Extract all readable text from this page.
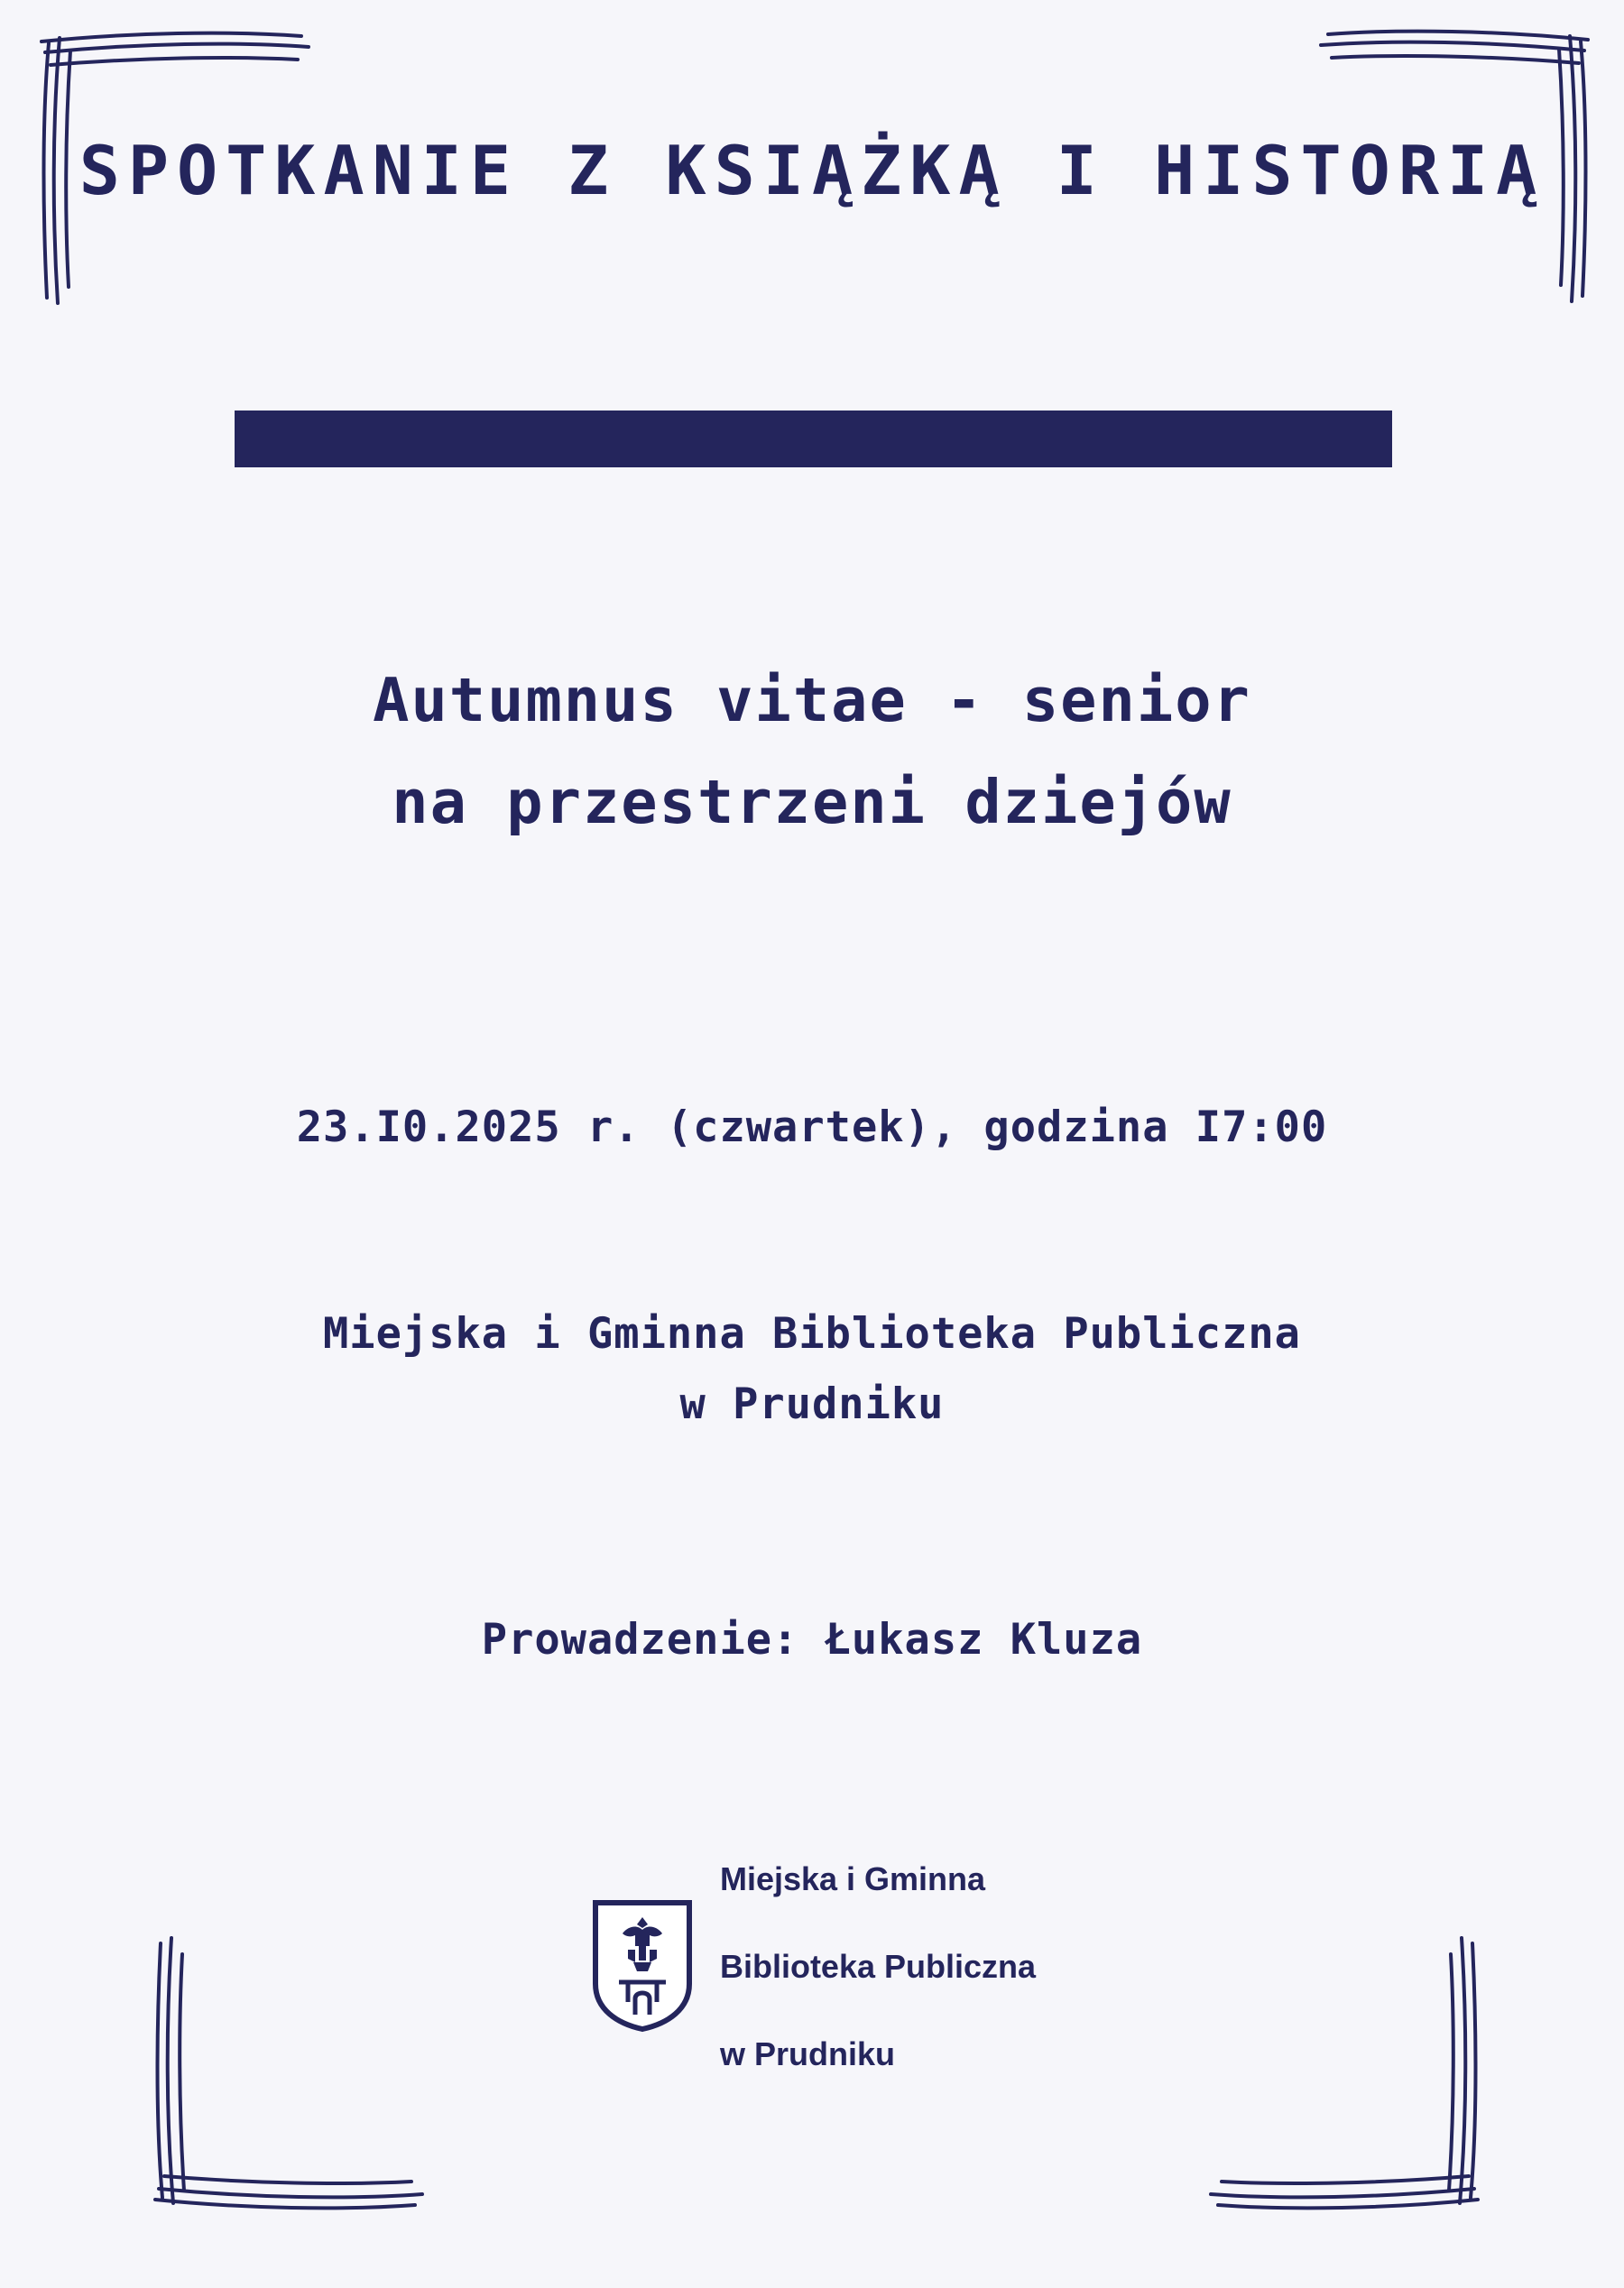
SPOTKANIE Z KSIĄŻKĄ I HISTORIĄ
Autumnus vitae - senior
na przestrzeni dziejów
23.I0.2025 r. (czwartek), godzina I7:00
Miejska i Gminna Biblioteka Publiczna
w Prudniku
Prowadzenie: Łukasz Kluza

Miejska i Gminna

Biblioteka Publiczna

w Prudniku
